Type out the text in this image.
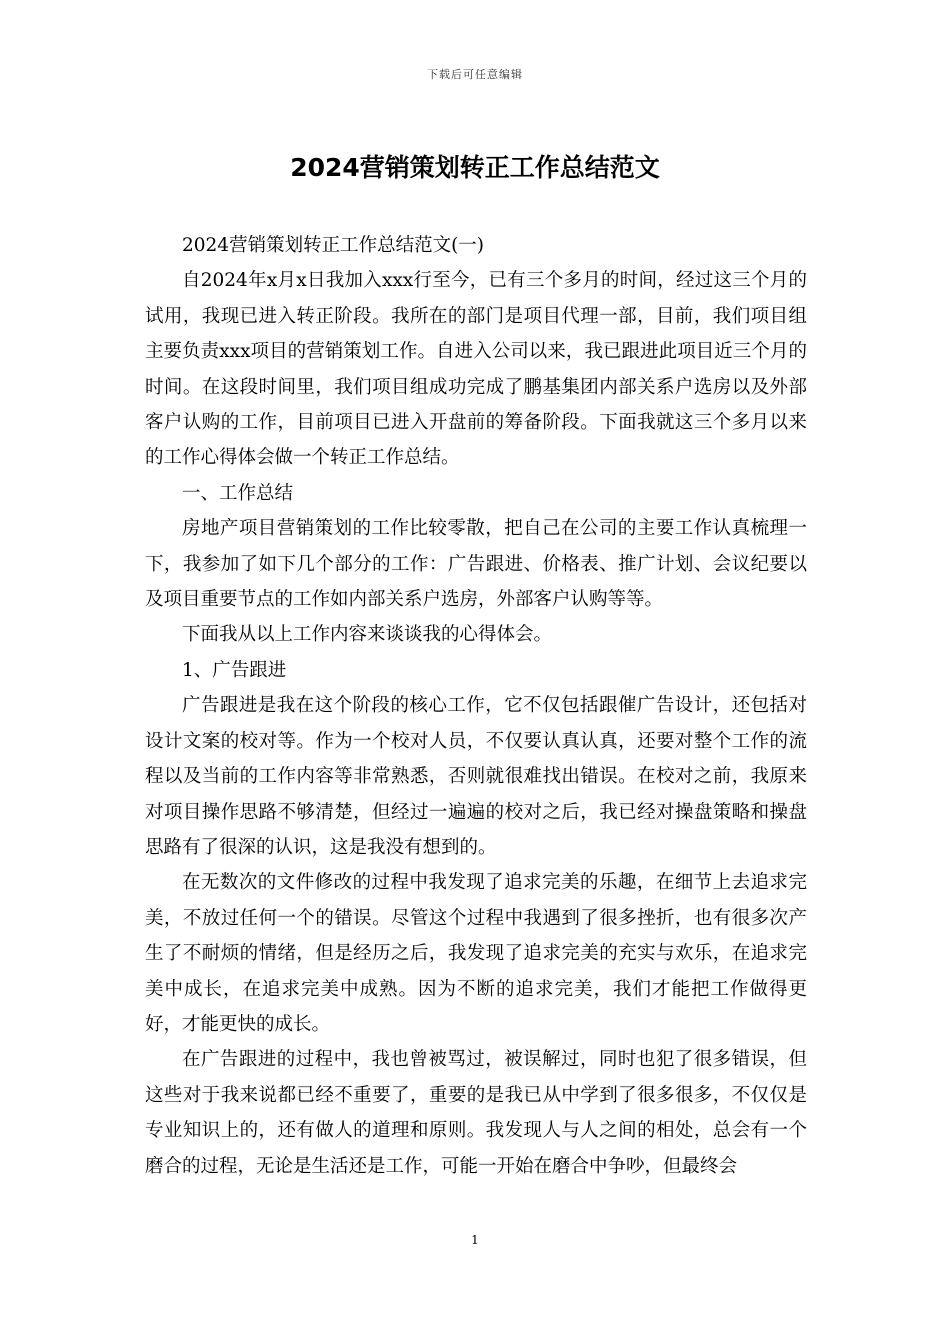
下载后可任意编辑
2024营销策划转正工作总结范文

2024营销策划转正工作总结范文(一)

自2024年x月x日我加入xxx行至今，已有三个多月的时间，经过这三个月的试用，我现已进入转正阶段。我所在的部门是项目代理一部，目前，我们项目组主要负责xxx项目的营销策划工作。自进入公司以来，我已跟进此项目近三个月的时间。在这段时间里，我们项目组成功完成了鹏基集团内部关系户选房以及外部客户认购的工作，目前项目已进入开盘前的筹备阶段。下面我就这三个多月以来的工作心得体会做一个转正工作总结。

一、工作总结

房地产项目营销策划的工作比较零散，把自己在公司的主要工作认真梳理一下，我参加了如下几个部分的工作：广告跟进、价格表、推广计划、会议纪要以及项目重要节点的工作如内部关系户选房，外部客户认购等等。

下面我从以上工作内容来谈谈我的心得体会。

1、广告跟进

广告跟进是我在这个阶段的核心工作，它不仅包括跟催广告设计，还包括对设计文案的校对等。作为一个校对人员，不仅要认真认真，还要对整个工作的流程以及当前的工作内容等非常熟悉，否则就很难找出错误。在校对之前，我原来对项目操作思路不够清楚，但经过一遍遍的校对之后，我已经对操盘策略和操盘思路有了很深的认识，这是我没有想到的。

在无数次的文件修改的过程中我发现了追求完美的乐趣，在细节上去追求完美，不放过任何一个的错误。尽管这个过程中我遇到了很多挫折，也有很多次产生了不耐烦的情绪，但是经历之后，我发现了追求完美的充实与欢乐，在追求完美中成长，在追求完美中成熟。因为不断的追求完美，我们才能把工作做得更好，才能更快的成长。

在广告跟进的过程中，我也曾被骂过，被误解过，同时也犯了很多错误，但这些对于我来说都已经不重要了，重要的是我已从中学到了很多很多，不仅仅是专业知识上的，还有做人的道理和原则。我发现人与人之间的相处，总会有一个磨合的过程，无论是生活还是工作，可能一开始在磨合中争吵，但最终会

1
